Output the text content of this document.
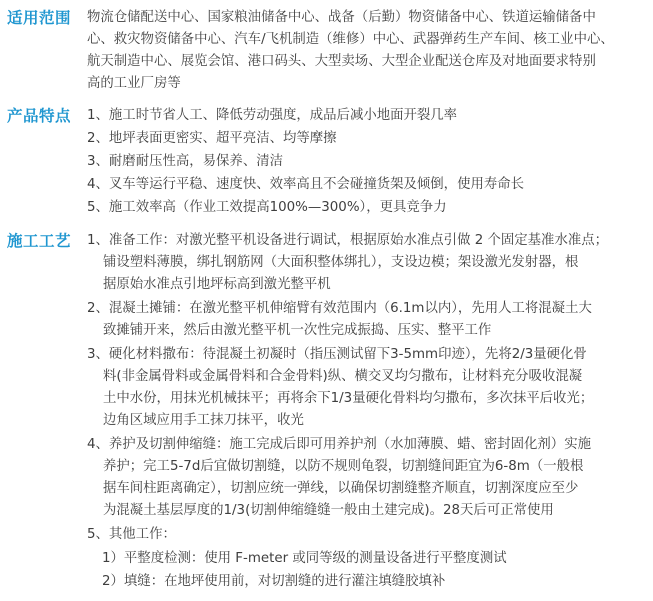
适用范围 物流仓储配送中心、国家粮油储备中心、战备（后勤）物资储备中心、铁道运输储备中
心、救灾物资储备中心、汽车/飞机制造（维修）中心、武器弹药生产车间、核工业中心、
航天制造中心、展览会馆、港口码头、大型卖场、大型企业配送仓库及对地面要求特别
高的工业厂房等
产品特点 1、施工时节省人工、降低劳动强度，成品后减小地面开裂几率
2、地坪表面更密实、超平亮洁、均等摩擦
3、耐磨耐压性高，易保养、清洁
4、叉车等运行平稳、速度快、效率高且不会碰撞货架及倾倒，使用寿命长
5、施工效率高（作业工效提高100%—300%），更具竞争力
施工工艺 1、准备工作：对激光整平机设备进行调试，根据原始水准点引做 2 个固定基准水准点；
铺设塑料薄膜，绑扎钢筋网（大面积整体绑扎），支设边模；架设激光发射器，根
据原始水准点引地坪标高到激光整平机
2、混凝土摊铺：在激光整平机伸缩臂有效范围内（6.1m以内），先用人工将混凝土大
致摊铺开来，然后由激光整平机一次性完成振捣、压实、整平工作
3、硬化材料撒布：待混凝土初凝时（指压测试留下3-5mm印迹），先将2/3量硬化骨
料(非金属骨料或金属骨料和合金骨料)纵、横交叉均匀撒布，让材料充分吸收混凝
土中水份，用抹光机械抹平；再将余下1/3量硬化骨料均匀撒布，多次抹平后收光；
边角区域应用手工抹刀抹平，收光
4、养护及切割伸缩缝：施工完成后即可用养护剂（水加薄膜、蜡、密封固化剂）实施
养护；完工5-7d后宜做切割缝，以防不规则龟裂，切割缝间距宜为6-8m（一般根
据车间柱距离确定），切割应统一弹线，以确保切割缝整齐顺直，切割深度应至少
为混凝土基层厚度的1/3(切割伸缩缝缝一般由土建完成)。28天后可正常使用
5、其他工作：
1）平整度检测：使用 F-meter 或同等级的测量设备进行平整度测试
2）填缝：在地坪使用前，对切割缝的进行灌注填缝胶填补
